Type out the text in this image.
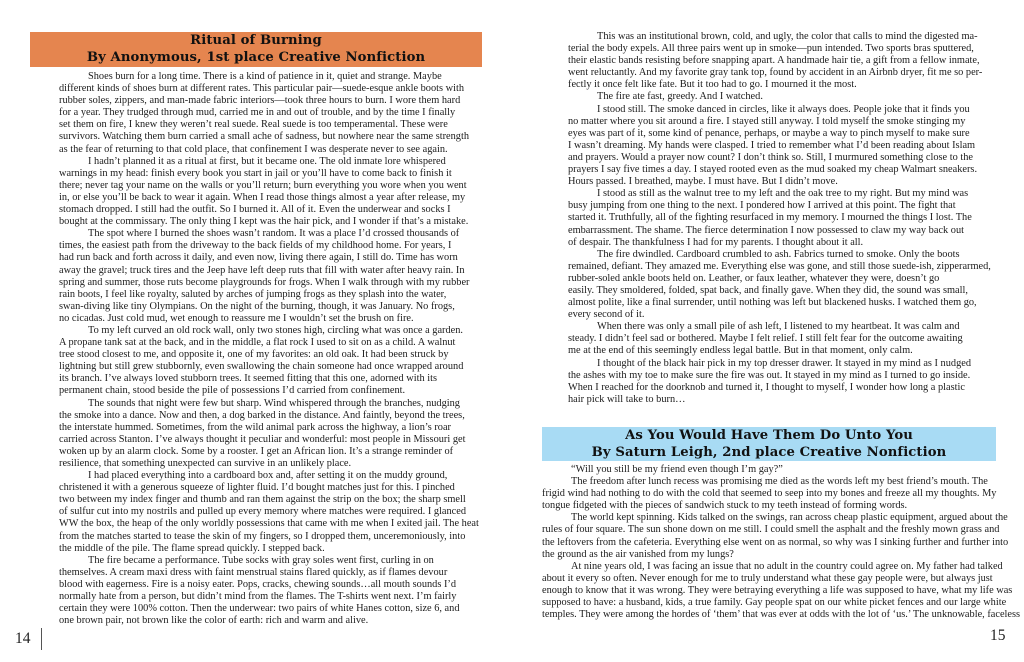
Ritual of Burning
By Anonymous, 1st place Creative Nonfiction

Shoes burn for a long time. There is a kind of patience in it, quiet and strange. Maybe

different kinds of shoes burn at different rates. This particular pair—suede-esque ankle boots with

rubber soles, zippers, and man-made fabric interiors—took three hours to burn. I wore them hard

for a year. They trudged through mud, carried me in and out of trouble, and by the time I finally

set them on fire, I knew they weren’t real suede. Real suede is too temperamental. These were

survivors. Watching them burn carried a small ache of sadness, but nowhere near the same strength

as the fear of returning to that cold place, that confinement I was desperate never to see again.

I hadn’t planned it as a ritual at first, but it became one. The old inmate lore whispered

warnings in my head: finish every book you start in jail or you’ll have to come back to finish it

there; never tag your name on the walls or you’ll return; burn everything you wore when you went

in, or else you’ll be back to wear it again. When I read those things almost a year after release, my

stomach dropped. I still had the outfit. So I burned it. All of it. Even the underwear and socks I

bought at the commissary. The only thing I kept was the hair pick, and I wonder if that’s a mistake.

The spot where I burned the shoes wasn’t random. It was a place I’d crossed thousands of

times, the easiest path from the driveway to the back fields of my childhood home. For years, I

had run back and forth across it daily, and even now, living there again, I still do. Time has worn

away the gravel; truck tires and the Jeep have left deep ruts that fill with water after heavy rain. In

spring and summer, those ruts become playgrounds for frogs. When I walk through with my rubber

rain boots, I feel like royalty, saluted by arches of jumping frogs as they splash into the water,

swan-diving like tiny Olympians. On the night of the burning, though, it was January. No frogs,

no cicadas. Just cold mud, wet enough to reassure me I wouldn’t set the brush on fire.

To my left curved an old rock wall, only two stones high, circling what was once a garden.

A propane tank sat at the back, and in the middle, a flat rock I used to sit on as a child. A walnut

tree stood closest to me, and opposite it, one of my favorites: an old oak. It had been struck by

lightning but still grew stubbornly, even swallowing the chain someone had once wrapped around

its branch. I’ve always loved stubborn trees. It seemed fitting that this one, adorned with its

permanent chain, stood beside the pile of possessions I’d carried from confinement.

The sounds that night were few but sharp. Wind whispered through the branches, nudging

the smoke into a dance. Now and then, a dog barked in the distance. And faintly, beyond the trees,

the interstate hummed. Sometimes, from the wild animal park across the highway, a lion’s roar

carried across Stanton. I’ve always thought it peculiar and wonderful: most people in Missouri get

woken up by an alarm clock. Some by a rooster. I get an African lion. It’s a strange reminder of

resilience, that something unexpected can survive in an unlikely place.

I had placed everything into a cardboard box and, after setting it on the muddy ground,

christened it with a generous squeeze of lighter fluid. I’d bought matches just for this. I pinched

two between my index finger and thumb and ran them against the strip on the box; the sharp smell

of sulfur cut into my nostrils and pulled up every memory where matches were required. I glanced

WW the box, the heap of the only worldly possessions that came with me when I exited jail. The heat

from the matches started to tease the skin of my fingers, so I dropped them, unceremoniously, into

the middle of the pile. The flame spread quickly. I stepped back.

The fire became a performance. Tube socks with gray soles went first, curling in on

themselves. A cream maxi dress with faint menstrual stains flared quickly, as if flames devour

blood with eagerness. Fire is a noisy eater. Pops, cracks, chewing sounds…all mouth sounds I’d

normally hate from a person, but didn’t mind from the flames. The T-shirts went next. I’m fairly

certain they were 100% cotton. Then the underwear: two pairs of white Hanes cotton, size 6, and

one brown pair, not brown like the color of earth: rich and warm and alive.

14

This was an institutional brown, cold, and ugly, the color that calls to mind the digested ma-

terial the body expels. All three pairs went up in smoke—pun intended. Two sports bras sputtered,

their elastic bands resisting before snapping apart. A handmade hair tie, a gift from a fellow inmate,

went reluctantly. And my favorite gray tank top, found by accident in an Airbnb dryer, fit me so per-

fectly it once felt like fate. But it too had to go. I mourned it the most.

The fire ate fast, greedy. And I watched.

I stood still. The smoke danced in circles, like it always does. People joke that it finds you

no matter where you sit around a fire. I stayed still anyway. I told myself the smoke stinging my

eyes was part of it, some kind of penance, perhaps, or maybe a way to pinch myself to make sure

I wasn’t dreaming. My hands were clasped. I tried to remember what I’d been reading about Islam

and prayers. Would a prayer now count? I don’t think so. Still, I murmured something close to the

prayers I say five times a day. I stayed rooted even as the mud soaked my cheap Walmart sneakers.

Hours passed. I breathed, maybe. I must have. But I didn’t move.

I stood as still as the walnut tree to my left and the oak tree to my right. But my mind was

busy jumping from one thing to the next. I pondered how I arrived at this point. The fight that

started it. Truthfully, all of the fighting resurfaced in my memory. I mourned the things I lost. The

embarrassment. The shame. The fierce determination I now possessed to claw my way back out

of despair. The thankfulness I had for my parents. I thought about it all.

The fire dwindled. Cardboard crumbled to ash. Fabrics turned to smoke. Only the boots

remained, defiant. They amazed me. Everything else was gone, and still those suede-ish, zipperarmed,

rubber-soled ankle boots held on. Leather, or faux leather, whatever they were, doesn’t go

easily. They smoldered, folded, spat back, and finally gave. When they did, the sound was small,

almost polite, like a final surrender, until nothing was left but blackened husks. I watched them go,

every second of it.

When there was only a small pile of ash left, I listened to my heartbeat. It was calm and

steady. I didn’t feel sad or bothered. Maybe I felt relief. I still felt fear for the outcome awaiting

me at the end of this seemingly endless legal battle. But in that moment, only calm.

I thought of the black hair pick in my top dresser drawer. It stayed in my mind as I nudged

the ashes with my toe to make sure the fire was out. It stayed in my mind as I turned to go inside.

When I reached for the doorknob and turned it, I thought to myself, I wonder how long a plastic

hair pick will take to burn…

As You Would Have Them Do Unto You
By Saturn Leigh, 2nd place Creative Nonfiction

“Will you still be my friend even though I’m gay?”

The freedom after lunch recess was promising me died as the words left my best friend’s mouth. The

frigid wind had nothing to do with the cold that seemed to seep into my bones and freeze all my thoughts. My

tongue fidgeted with the pieces of sandwich stuck to my teeth instead of forming words.

The world kept spinning. Kids talked on the swings, ran across cheap plastic equipment, argued about the

rules of four square. The sun shone down on me still. I could smell the asphalt and the freshly mown grass and

the leftovers from the cafeteria. Everything else went on as normal, so why was I sinking further and further into

the ground as the air vanished from my lungs?

At nine years old, I was facing an issue that no adult in the country could agree on. My father had talked

about it every so often. Never enough for me to truly understand what these gay people were, but always just

enough to know that it was wrong. They were betraying everything a life was supposed to have, what my life was

supposed to have: a husband, kids, a true family. Gay people spat on our white picket fences and our large white

temples. They were among the hordes of ‘them’ that was ever at odds with the lot of ‘us.’ The unknowable, faceless

15
